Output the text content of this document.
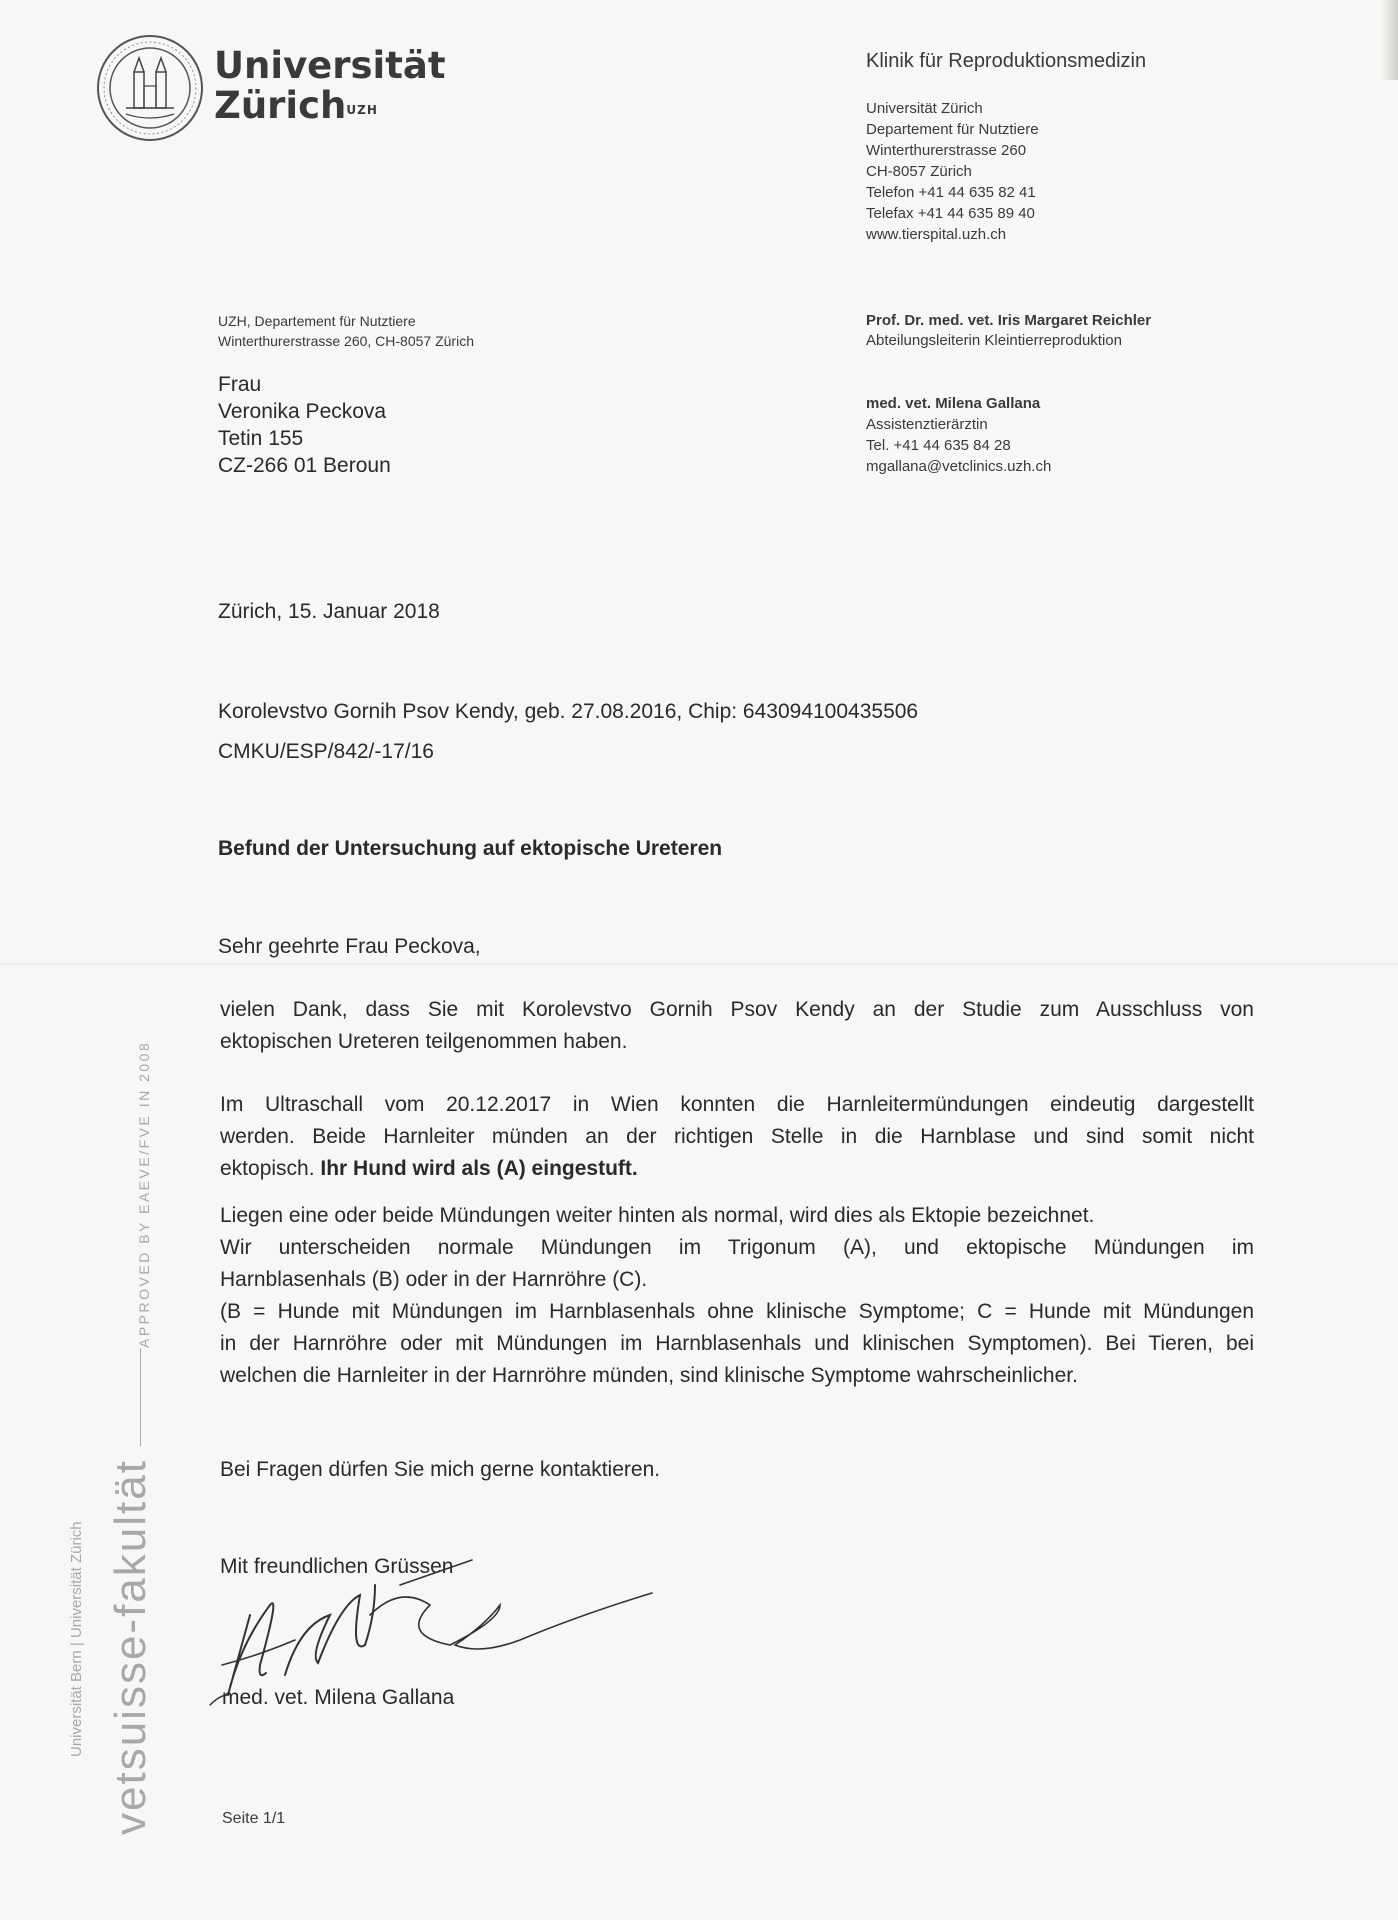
Universität
Zürich$^{UZH}$
Klinik für Reproduktionsmedizin
Universität Zürich
Departement für Nutztiere
Winterthurerstrasse 260
CH-8057 Zürich
Telefon +41 44 635 82 41
Telefax +41 44 635 89 40
www.tierspital.uzh.ch
UZH, Departement für Nutztiere
Winterthurerstrasse 260, CH-8057 Zürich
Frau
Veronika Peckova
Tetin 155
CZ-266 01 Beroun
Prof. Dr. med. vet. Iris Margaret Reichler
Abteilungsleiterin Kleintierreproduktion
med. vet. Milena Gallana
Assistenztierärztin
Tel. +41 44 635 84 28
mgallana@vetclinics.uzh.ch
Zürich, 15. Januar 2018
Korolevstvo Gornih Psov Kendy, geb. 27.08.2016, Chip: 643094100435506
CMKU/ESP/842/-17/16
Befund der Untersuchung auf ektopische Ureteren
Sehr geehrte Frau Peckova,
vielen Dank, dass Sie mit Korolevstvo Gornih Psov Kendy an der Studie zum Ausschluss von
ektopischen Ureteren teilgenommen haben.
Im Ultraschall vom 20.12.2017 in Wien konnten die Harnleitermündungen eindeutig dargestellt
werden. Beide Harnleiter münden an der richtigen Stelle in die Harnblase und sind somit nicht
ektopisch. Ihr Hund wird als (A) eingestuft.
Liegen eine oder beide Mündungen weiter hinten als normal, wird dies als Ektopie bezeichnet.
Wir unterscheiden normale Mündungen im Trigonum (A), und ektopische Mündungen im
Harnblasenhals (B) oder in der Harnröhre (C).
(B = Hunde mit Mündungen im Harnblasenhals ohne klinische Symptome; C = Hunde mit Mündungen
in der Harnröhre oder mit Mündungen im Harnblasenhals und klinischen Symptomen). Bei Tieren, bei
welchen die Harnleiter in der Harnröhre münden, sind klinische Symptome wahrscheinlicher.
Bei Fragen dürfen Sie mich gerne kontaktieren.
Mit freundlichen Grüssen
med. vet. Milena Gallana
Seite 1/1
APPROVED BY EAEVE/FVE IN 2008
Universität Bern | Universität Zürich vetsuisse-fakultät
